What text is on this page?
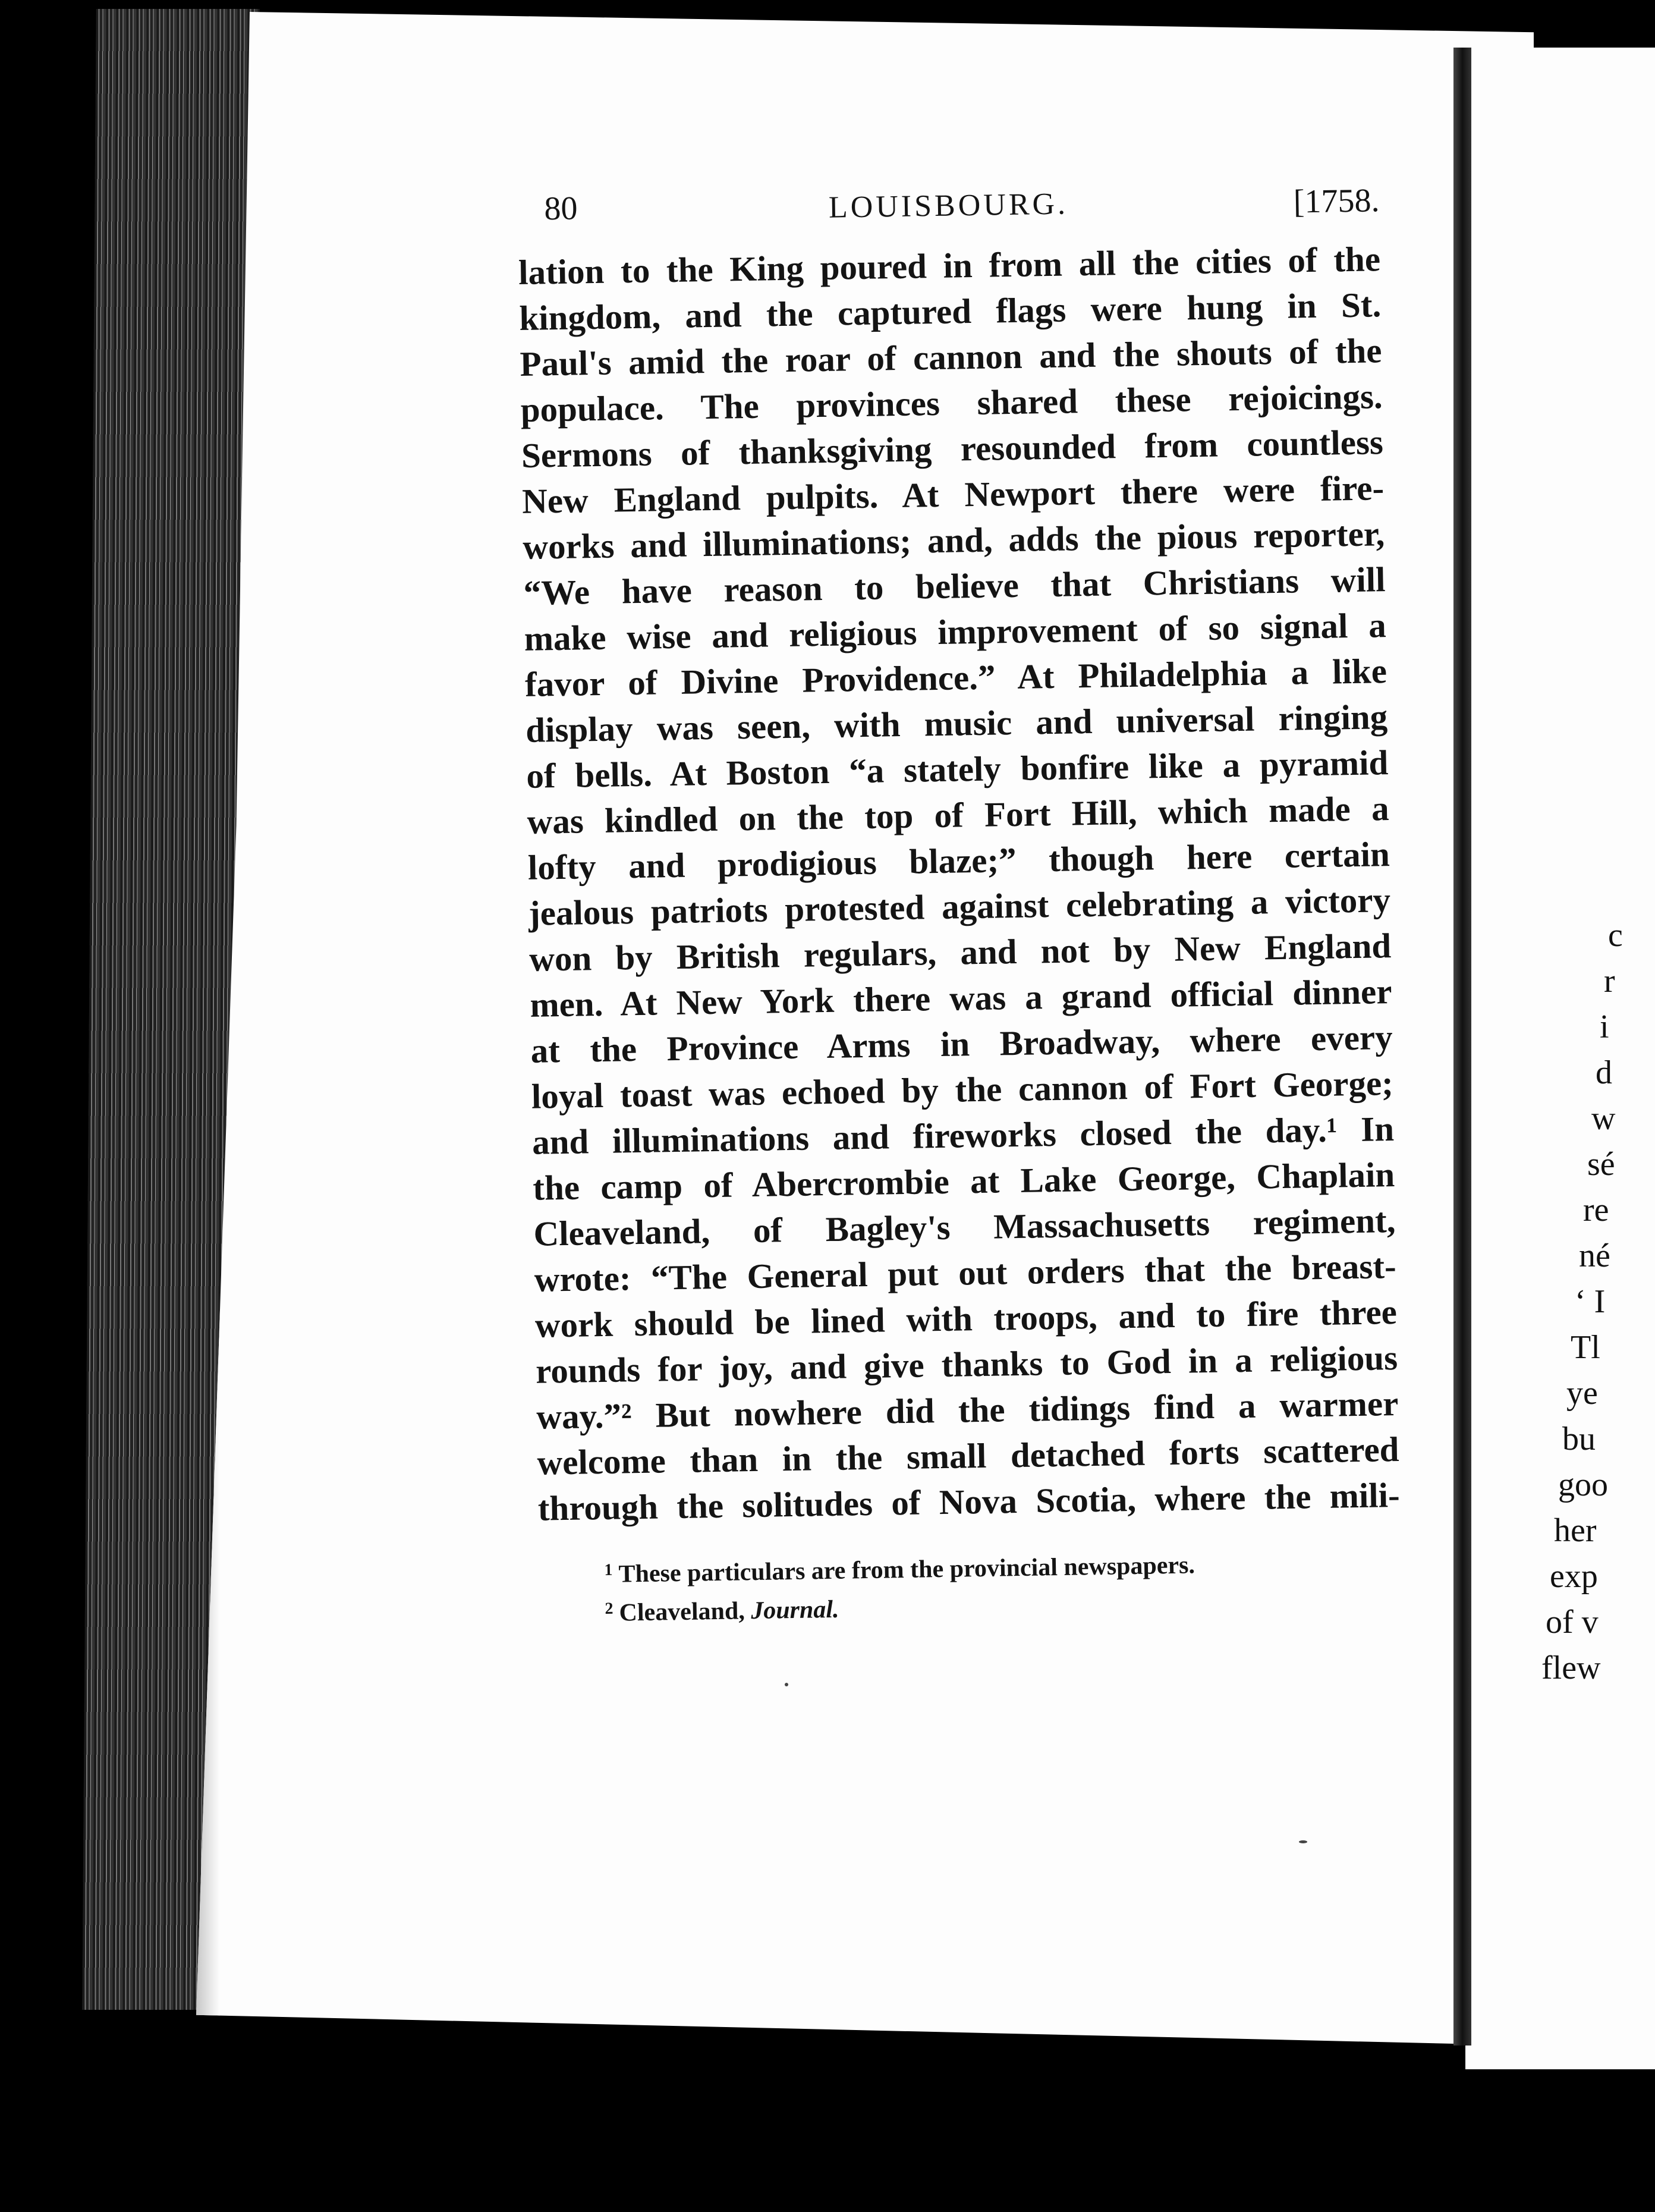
c
r
i
d
w
sé
re
né
‘ I
Tl
ye
bu
goo
her
exp
of v
flew
80	LOUISBOURG.	[1758.
lation to the King poured in from all the cities of the
kingdom, and the captured flags were hung in St.
Paul's amid the roar of cannon and the shouts of the
populace. The provinces shared these rejoicings.
Sermons of thanksgiving resounded from countless
New England pulpits. At Newport there were fire-
works and illuminations; and, adds the pious reporter,
“We have reason to believe that Christians will
make wise and religious improvement of so signal a
favor of Divine Providence.” At Philadelphia a like
display was seen, with music and universal ringing
of bells. At Boston “a stately bonfire like a pyramid
was kindled on the top of Fort Hill, which made a
lofty and prodigious blaze;” though here certain
jealous patriots protested against celebrating a victory
won by British regulars, and not by New England
men. At New York there was a grand official dinner
at the Province Arms in Broadway, where every
loyal toast was echoed by the cannon of Fort George;
and illuminations and fireworks closed the day.¹ In
the camp of Abercrombie at Lake George, Chaplain
Cleaveland, of Bagley's Massachusetts regiment,
wrote: “The General put out orders that the breast-
work should be lined with troops, and to fire three
rounds for joy, and give thanks to God in a religious
way.”² But nowhere did the tidings find a warmer
welcome than in the small detached forts scattered
through the solitudes of Nova Scotia, where the mili-
$^1$ These particulars are from the provincial newspapers.
$^2$ Cleaveland, Journal.
